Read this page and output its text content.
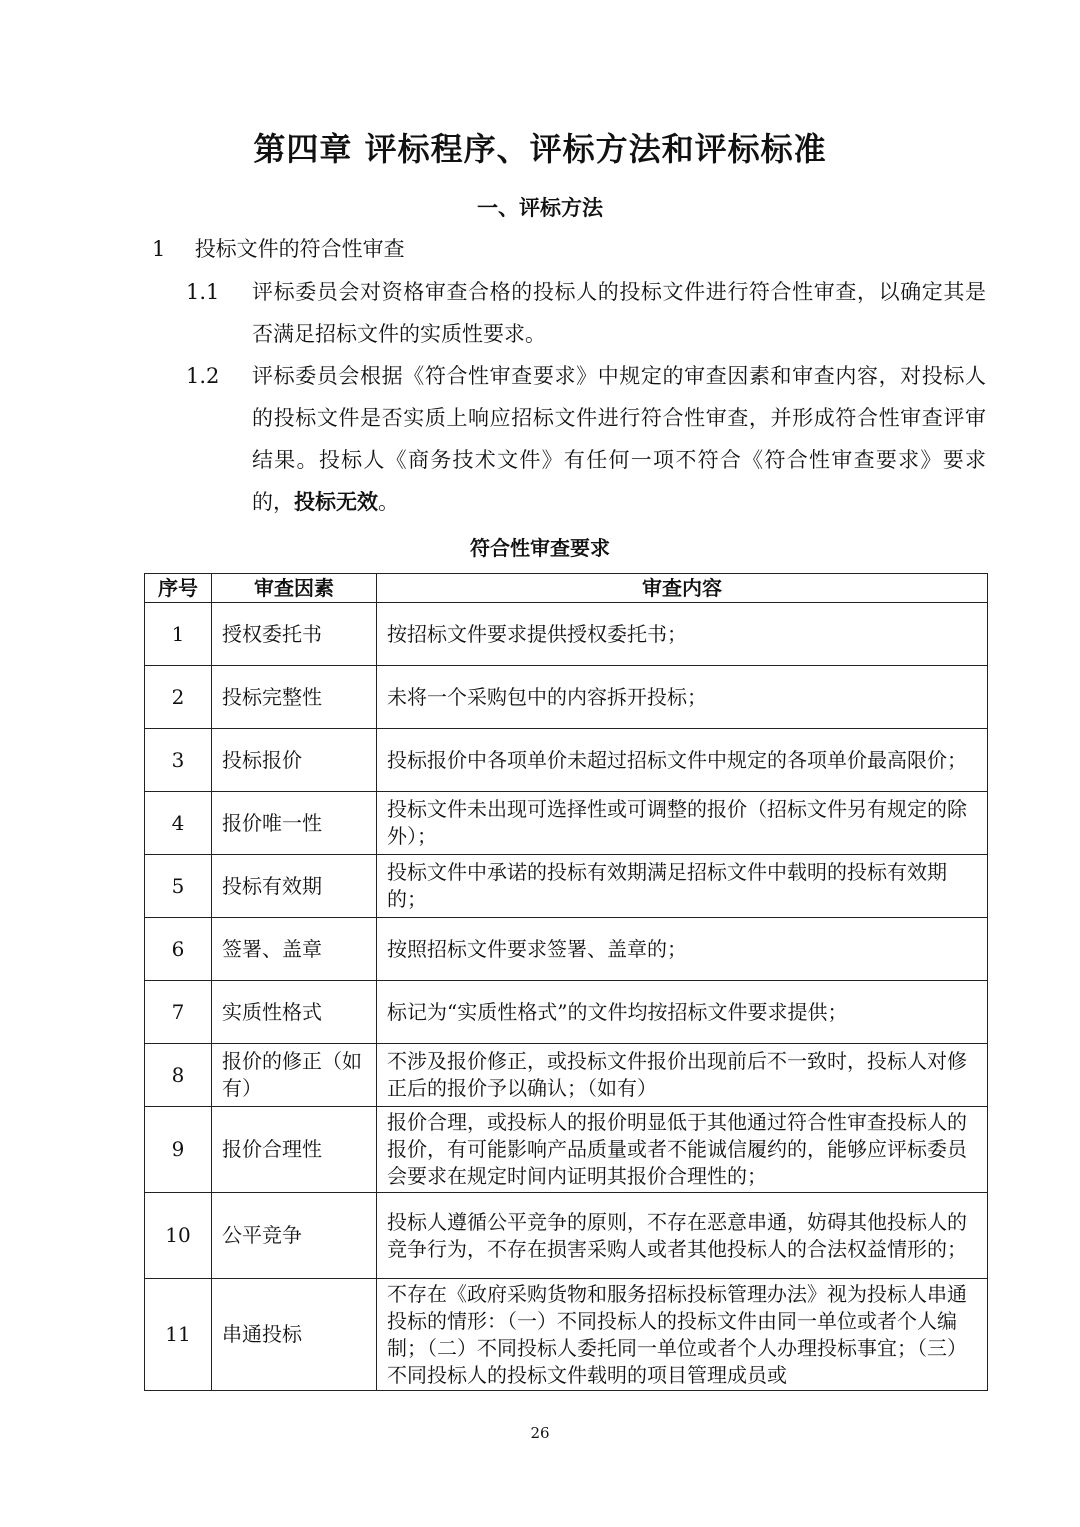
第四章 评标程序、评标方法和评标标准
一、评标方法
1 投标文件的符合性审查
1.1 评标委员会对资格审查合格的投标人的投标文件进行符合性审查，以确定其是否满足招标文件的实质性要求。
1.2 评标委员会根据《符合性审查要求》中规定的审查因素和审查内容，对投标人的投标文件是否实质上响应招标文件进行符合性审查，并形成符合性审查评审结果。投标人《商务技术文件》有任何一项不符合《符合性审查要求》要求的，投标无效。
符合性审查要求
序号	审查因素	审查内容
1	授权委托书	按招标文件要求提供授权委托书；
2	投标完整性	未将一个采购包中的内容拆开投标；
3	投标报价	投标报价中各项单价未超过招标文件中规定的各项单价最高限价；
4	报价唯一性	投标文件未出现可选择性或可调整的报价（招标文件另有规定的除外）；
5	投标有效期	投标文件中承诺的投标有效期满足招标文件中载明的投标有效期的；
6	签署、盖章	按照招标文件要求签署、盖章的；
7	实质性格式	标记为“实质性格式”的文件均按招标文件要求提供；
8	报价的修正（如有）	不涉及报价修正，或投标文件报价出现前后不一致时，投标人对修正后的报价予以确认；（如有）
9	报价合理性	报价合理，或投标人的报价明显低于其他通过符合性审查投标人的报价，有可能影响产品质量或者不能诚信履约的，能够应评标委员会要求在规定时间内证明其报价合理性的；
10	公平竞争	投标人遵循公平竞争的原则，不存在恶意串通，妨碍其他投标人的竞争行为，不存在损害采购人或者其他投标人的合法权益情形的；
11	串通投标	不存在《政府采购货物和服务招标投标管理办法》视为投标人串通投标的情形：（一）不同投标人的投标文件由同一单位或者个人编制；（二）不同投标人委托同一单位或者个人办理投标事宜；（三）不同投标人的投标文件载明的项目管理成员或
26
